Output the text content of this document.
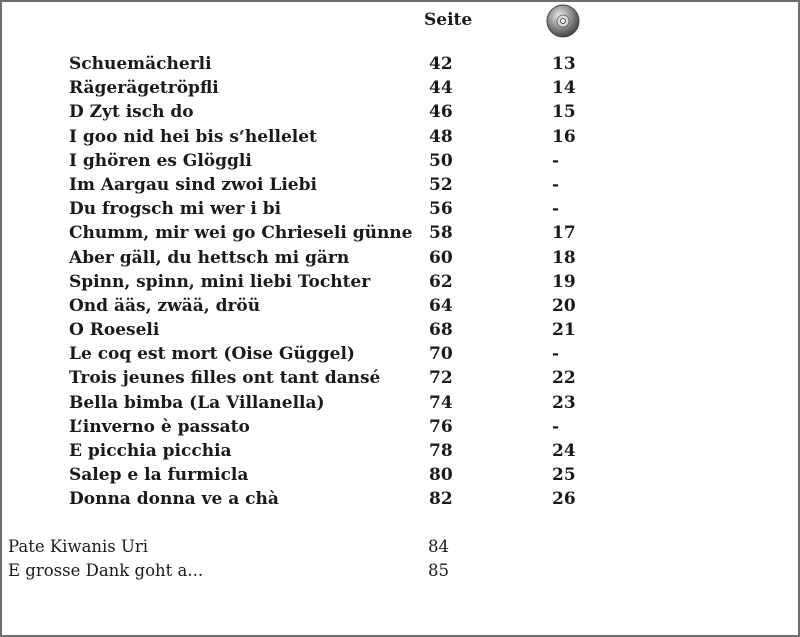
Seite
Schuemächerli	42	13
Rägerägetröpfli	44	14
D Zyt isch do	46	15
I goo nid hei bis s‘hellelet	48	16
I ghören es Glöggli	50	-
Im Aargau sind zwoi Liebi	52	-
Du frogsch mi wer i bi	56	-
Chumm, mir wei go Chrieseli günne 58	17
Aber gäll, du hettsch mi gärn	60	18
Spinn, spinn, mini liebi Tochter	62	19
Ond ääs, zwää, dröü	64	20
O Roeseli	68	21
Le coq est mort (Oise Güggel)	70	-
Trois jeunes filles ont tant dansé	72	22
Bella bimba (La Villanella)	74	23
L‘inverno è passato	76	-
E picchia picchia	78	24
Salep e la furmicla	80	25
Donna donna ve a chà	82	26
Pate Kiwanis Uri	84
E grosse Dank goht a...	85
